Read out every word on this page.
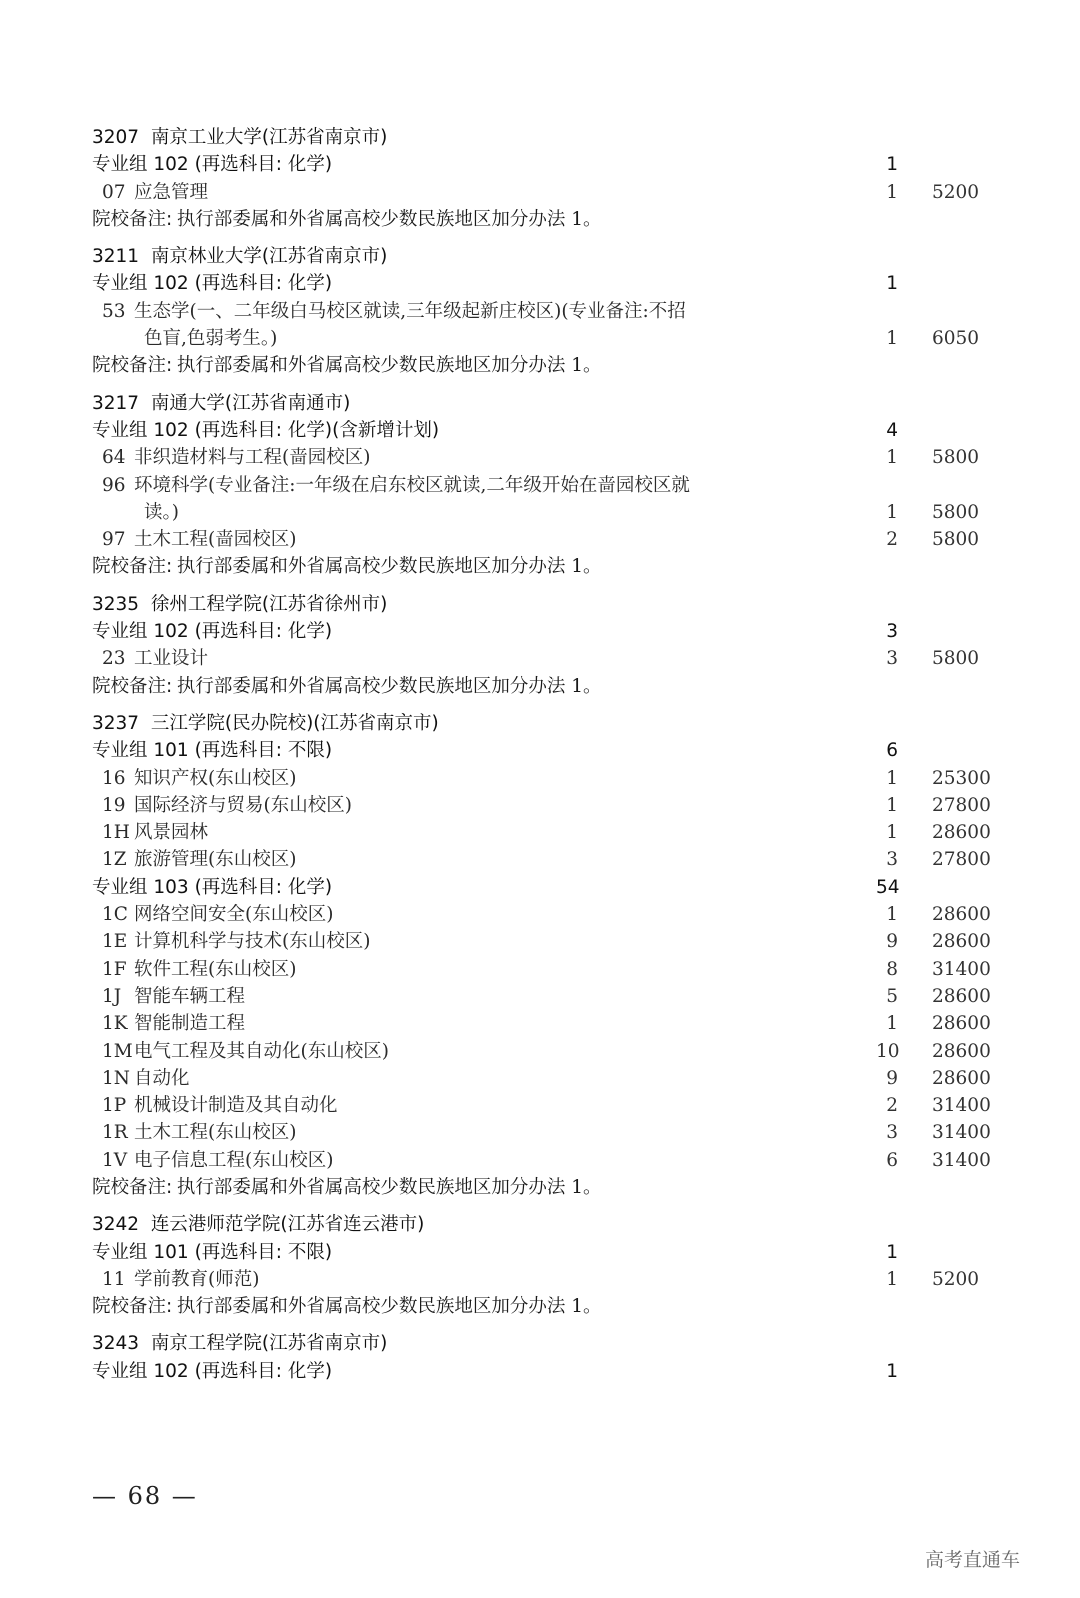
3207 南京工业大学(江苏省南京市)
专业组 102 (再选科目: 化学)	1
07 应急管理	1 5200
院校备注: 执行部委属和外省属高校少数民族地区加分办法 1。
3211 南京林业大学(江苏省南京市)
专业组 102 (再选科目: 化学)	1
53 生态学(一、二年级白马校区就读,三年级起新庄校区)(专业备注:不招
色盲,色弱考生。)	1 6050
院校备注: 执行部委属和外省属高校少数民族地区加分办法 1。
3217 南通大学(江苏省南通市)
专业组 102 (再选科目: 化学)(含新增计划)	4
64 非织造材料与工程(啬园校区)	1 5800
96 环境科学(专业备注:一年级在启东校区就读,二年级开始在啬园校区就
读。)	1 5800
97 土木工程(啬园校区)	2 5800
院校备注: 执行部委属和外省属高校少数民族地区加分办法 1。
3235 徐州工程学院(江苏省徐州市)
专业组 102 (再选科目: 化学)	3
23 工业设计	3 5800
院校备注: 执行部委属和外省属高校少数民族地区加分办法 1。
3237 三江学院(民办院校)(江苏省南京市)
专业组 101 (再选科目: 不限)	6
16 知识产权(东山校区)	1 25300
19 国际经济与贸易(东山校区)	1 27800
1H 风景园林	1 28600
1Z 旅游管理(东山校区)	3 27800
专业组 103 (再选科目: 化学)	54
1C 网络空间安全(东山校区)	1 28600
1E 计算机科学与技术(东山校区)	9 28600
1F 软件工程(东山校区)	8 31400
1J 智能车辆工程	5 28600
1K 智能制造工程	1 28600
1M电气工程及其自动化(东山校区)	10 28600
1N 自动化	9 28600
1P 机械设计制造及其自动化	2 31400
1R 土木工程(东山校区)	3 31400
1V 电子信息工程(东山校区)	6 31400
院校备注: 执行部委属和外省属高校少数民族地区加分办法 1。
3242 连云港师范学院(江苏省连云港市)
专业组 101 (再选科目: 不限)	1
11 学前教育(师范)	1 5200
院校备注: 执行部委属和外省属高校少数民族地区加分办法 1。
3243 南京工程学院(江苏省南京市)
专业组 102 (再选科目: 化学)	1
— 68 —
高考直通车
